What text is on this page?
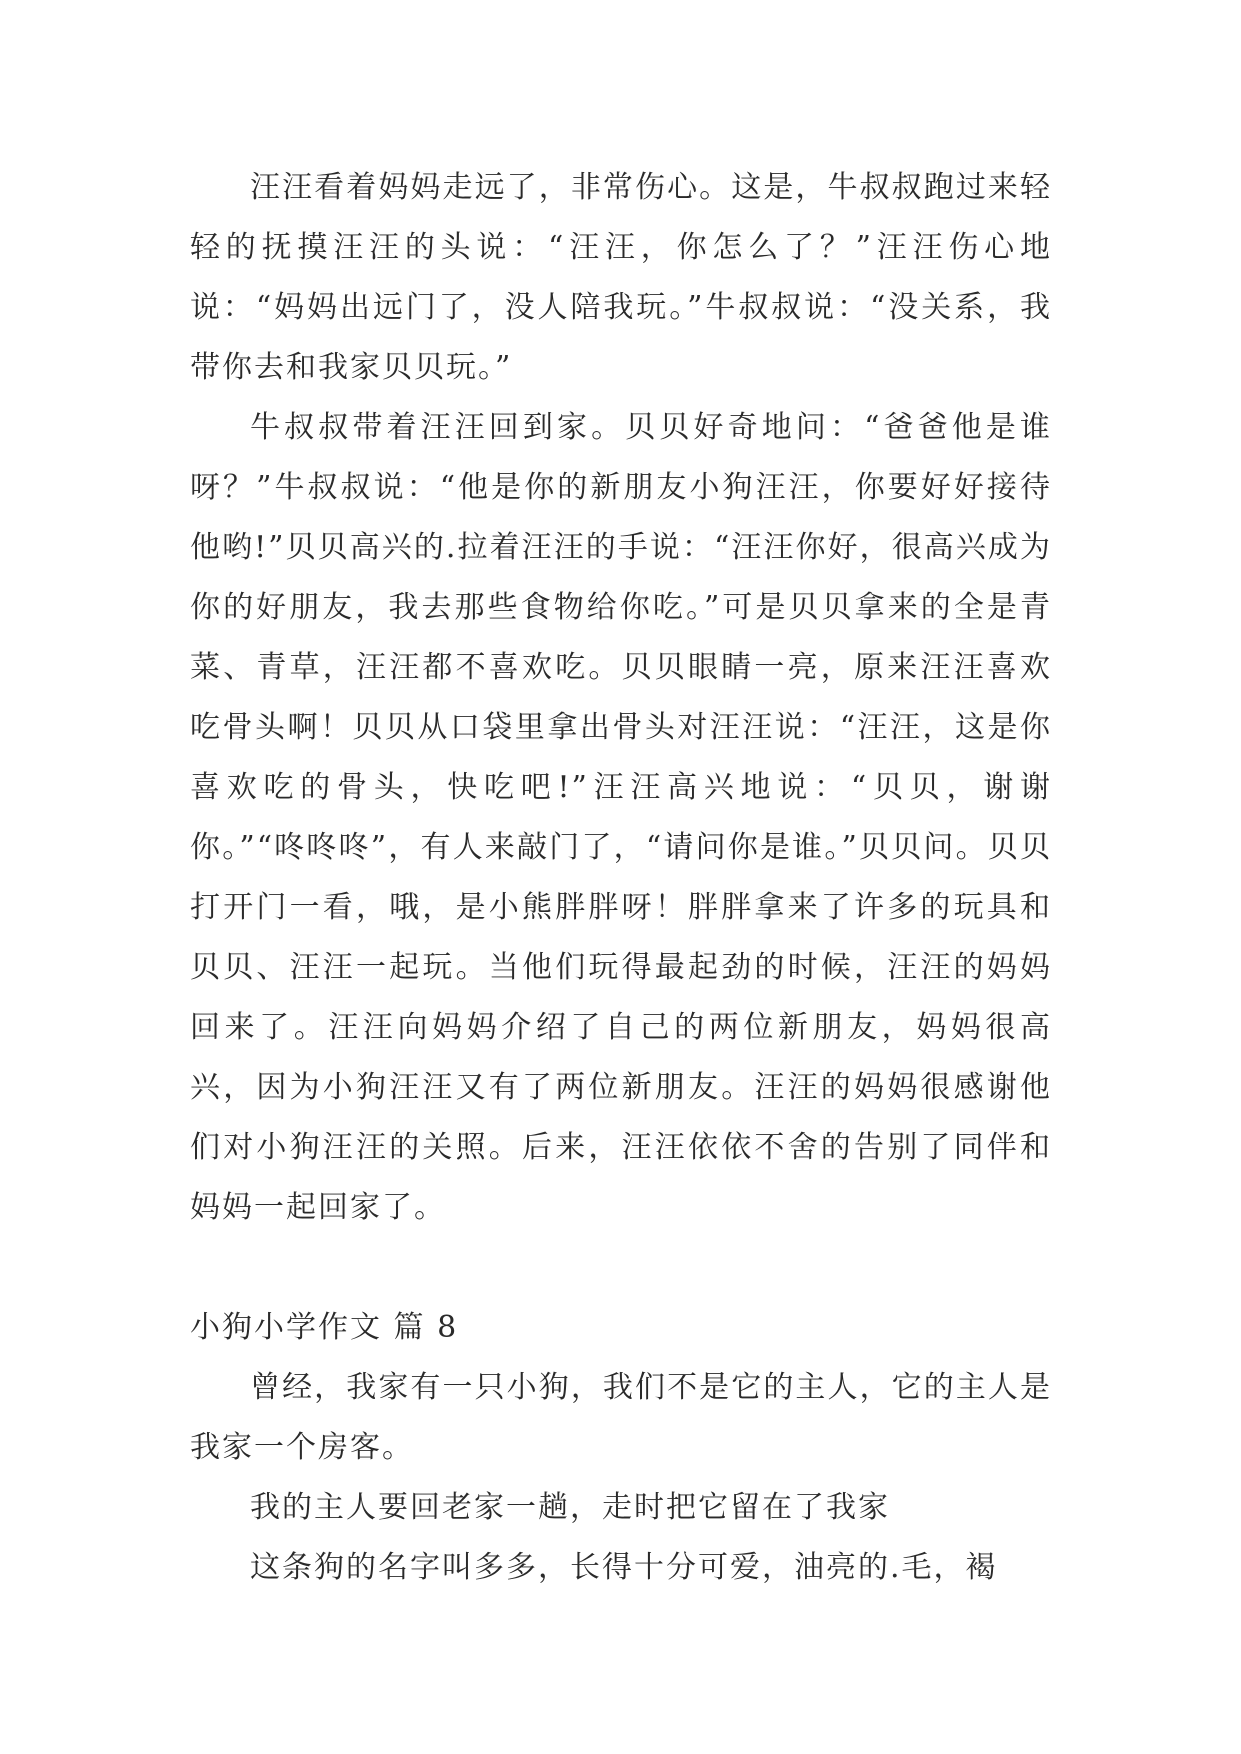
汪汪看着妈妈走远了，非常伤心。这是，牛叔叔跑过来轻轻的抚摸汪汪的头说：“汪汪，你怎么了？”汪汪伤心地说：“妈妈出远门了，没人陪我玩。”牛叔叔说：“没关系，我带你去和我家贝贝玩。”

牛叔叔带着汪汪回到家。贝贝好奇地问：“爸爸他是谁呀？”牛叔叔说：“他是你的新朋友小狗汪汪，你要好好接待他哟!”贝贝高兴的.拉着汪汪的手说：“汪汪你好，很高兴成为你的好朋友，我去那些食物给你吃。”可是贝贝拿来的全是青菜、青草，汪汪都不喜欢吃。贝贝眼睛一亮，原来汪汪喜欢吃骨头啊！贝贝从口袋里拿出骨头对汪汪说：“汪汪，这是你喜欢吃的骨头，快吃吧!”汪汪高兴地说：“贝贝，谢谢你。”“咚咚咚”，有人来敲门了，“请问你是谁。”贝贝问。贝贝打开门一看，哦，是小熊胖胖呀！胖胖拿来了许多的玩具和贝贝、汪汪一起玩。当他们玩得最起劲的时候，汪汪的妈妈回来了。汪汪向妈妈介绍了自己的两位新朋友，妈妈很高兴，因为小狗汪汪又有了两位新朋友。汪汪的妈妈很感谢他们对小狗汪汪的关照。后来，汪汪依依不舍的告别了同伴和妈妈一起回家了。

小狗小学作文 篇 8

曾经，我家有一只小狗，我们不是它的主人，它的主人是我家一个房客。

我的主人要回老家一趟，走时把它留在了我家

这条狗的名字叫多多，长得十分可爱，油亮的.毛，褐
